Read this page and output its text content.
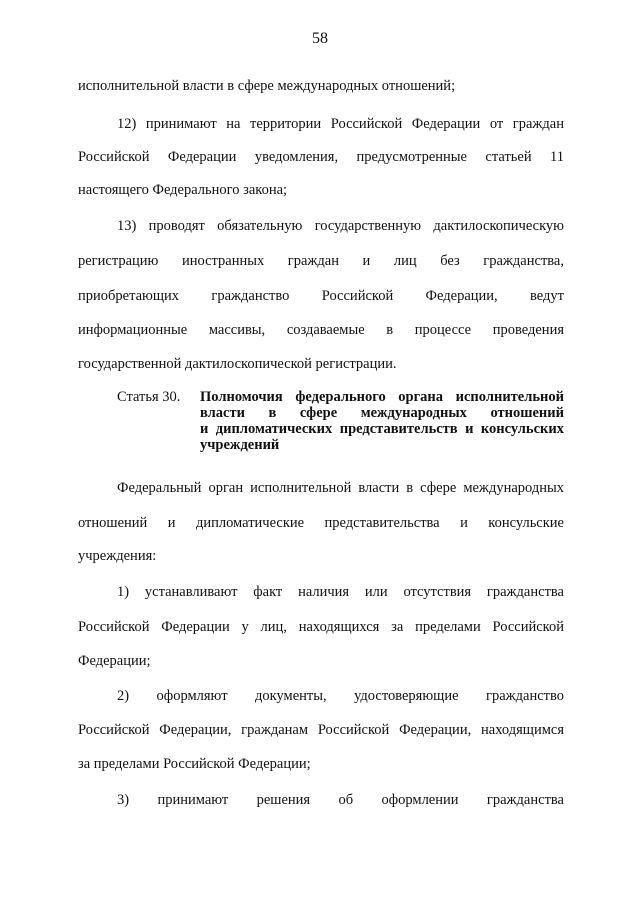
58
исполнительной власти в сфере международных отношений;
12) принимают на территории Российской Федерации от граждан
Российской Федерации уведомления, предусмотренные статьей 11
настоящего Федерального закона;
13) проводят обязательную государственную дактилоскопическую
регистрацию иностранных граждан и лиц без гражданства,
приобретающих гражданство Российской Федерации, ведут
информационные массивы, создаваемые в процессе проведения
государственной дактилоскопической регистрации.
Статья 30. Полномочия федерального органа исполнительной
власти в сфере международных отношений
и дипломатических представительств и консульских
учреждений
Федеральный орган исполнительной власти в сфере международных
отношений и дипломатические представительства и консульские
учреждения:
1) устанавливают факт наличия или отсутствия гражданства
Российской Федерации у лиц, находящихся за пределами Российской
Федерации;
2) оформляют документы, удостоверяющие гражданство
Российской Федерации, гражданам Российской Федерации, находящимся
за пределами Российской Федерации;
3) принимают решения об оформлении гражданства
